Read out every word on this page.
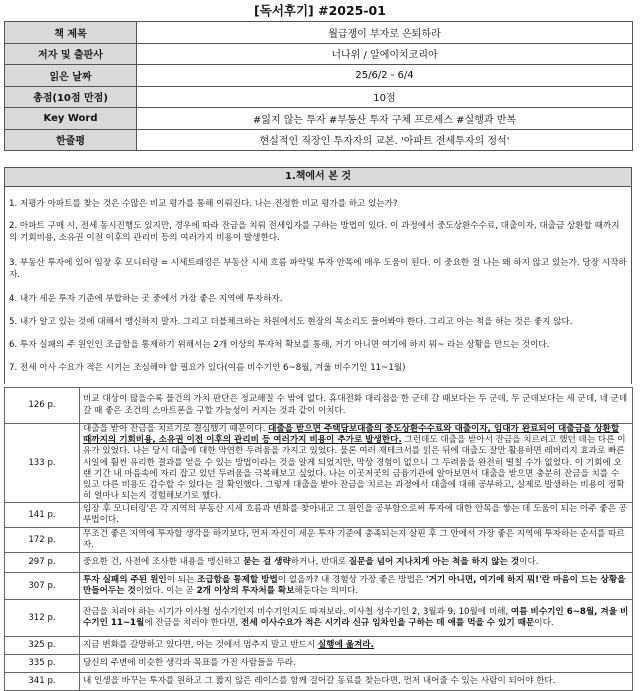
[독서후기] #2025-01
책 제목	월급쟁이 부자로 은퇴하라
저자 및 출판사	너나위 / 알에이치코리아
읽은 날짜	25/6/2 - 6/4
총점(10점 만점)	10점
Key Word	#잃지 않는 투자 #부동산 투자 구체 프로세스 #실행과 반복
한줄평	현실적인 직장인 투자자의 교본. '아파트 전세투자의 정석'
1.책에서 본 것

1. 저평가 아파트를 찾는 것은 수많은 비교 평가를 통해 이뤄진다. 나는 진정한 비교 평가를 하고 있는가?

2. 아파트 구매 시, 전세 동시진행도 있지만, 경우에 따라 잔금을 치뤄 전세입자를 구하는 방법이 있다. 이 과정에서 중도상환수수료, 대출이자, 대출금 상환할 때까지의 기회비용, 소유권 이전 이후의 관리비 등의 여러가지 비용이 발생한다.

3. 부동산 투자에 있어 임장 후 모니터링 = 시세트래킹은 부동산 시세 흐름 파악및 투자 안목에 매우 도움이 된다. 이 중요한 걸 나는 왜 하지 않고 있는가. 당장 시작하자.

4. 내가 세운 투자 기준에 부합하는 곳 중에서 가장 좋은 지역에 투자하자.

5. 내가 알고 있는 것에 대해서 맹신하지 말자. 그리고 더블체크하는 차원에서도 현장의 목소리도 들어봐야 한다. 그리고 아는 척을 하는 것은 좋지 않다.

6. 투자 실패의 주 원인인 조급함을 통제하기 위해서는 2개 이상의 투자처 확보를 통해, 거기 아니면 여기에 하지 뭐~ 라는 상황을 만드는 것이다.

7. 전세 이사 수요가 적은 시기는 조심해야 할 필요가 있다(여름 비수기인 6~8월, 겨울 비수기인 11~1월)

126 p.	비교 대상이 많을수록 물건의 가치 판단은 정교해질 수 밖에 없다. 휴대전화 대리점을 한 군데 갈 때보다는 두 군데, 두 군데보다는 세 군데, 네 군데 갈 때 좋은 조건의 스마트폰을 구할 가능성이 커지는 것과 같이 이치다.
133 p.	대출을 받아 잔금을 치르기로 결심했기 때문이다. 대출을 받으면 주택담보대출의 중도상환수수료와 대출이자, 임대가 완료되어 대출금을 상환할 때까지의 기회비용, 소유권 이전 이후의 관리비 등 여러가지 비용이 추가로 발생한다. 그런데도 대출을 받아서 잔금을 치르려고 했던 데는 다른 이유가 있었다. 나는 당시 대출에 대한 막연한 두려움을 가지고 있었다. 물론 여러 재테크서를 읽은 뒤에 대출도 잘만 활용하면 레버리지 효과로 빠른 시일에 훨씬 유리한 결과를 얻을 수 있는 방법이라는 것을 알게 되었지만, 막상 경험이 없으니 그 두려움을 완전히 떨칠 수가 없었다. 이 기회에 오랜 기간 내 마음속에 자리 잡고 있던 두려움을 극복해보고 싶었다. 나는 이곳저곳의 금융기관에 알아보면서 대출을 받으면 충분히 잔금을 치를 수 있고 다른 비용도 감수할 수 있다는 걸 확인했다. 그렇게 대출을 받아 잔금을 치르는 과정에서 대출에 대해 공부하고, 실제로 발생하는 비용이 정확히 얼마나 되는지 경험해보기로 했다.
141 p.	임장 후 모니터링'은 각 지역의 부동산 시세 흐름과 변화를 찾아내고 그 원인을 공부함으로써 투자에 대한 안목을 쌓는 데 도움이 되는 아주 좋은 공부법이다.
172 p.	무조건 좋은 지역에 투자할 생각을 하기보다, 먼저 자신이 세운 투자 기준에 충족되는지 살핀 후 그 안에서 가장 좋은 지역에 투자하는 순서를 따르자.
297 p.	중요한 건, 사전에 조사한 내용을 맹신하고 묻는 걸 생략하거나, 반대로 질문을 넘어 지나치게 아는 척을 하지 않는 것이다.
307 p.	투자 실패의 주된 원인이 되는 조급함을 통제할 방법이 없을까? 내 경험상 가장 좋은 방법은 '거기 아니면, 여기에 하지 뭐!'란 마음이 드는 상황을 만들어두는 것이었다. 이는 곧 2개 이상의 투자처를 확보해둔다는 의미다.
312 p.	잔금을 치러야 하는 시기가 이사철 성수기인지 비수기인지도 따져보라. 이사철 성수기인 2, 3월과 9, 10월에 비해, 여름 비수기인 6~8월, 겨울 비수기인 11~1월에 잔금을 치러야 한다면, 전세 이사수요가 적은 시기라 신규 임차인을 구하는 데 애를 먹을 수 있기 때문이다.
325 p.	지금 변화를 갈망하고 있다면, 아는 것에서 멈추지 말고 반드시 실행에 옮겨라.
335 p.	당신의 주변에 비슷한 생각과 목표를 가진 사람들을 두라.
341 p.	내 인생을 바꾸는 투자를 원하고 그 짧지 않은 레이스를 함께 걸어갈 동료를 찾는다면, 먼저 내어줄 수 있는 사람이 되어야 한다.
